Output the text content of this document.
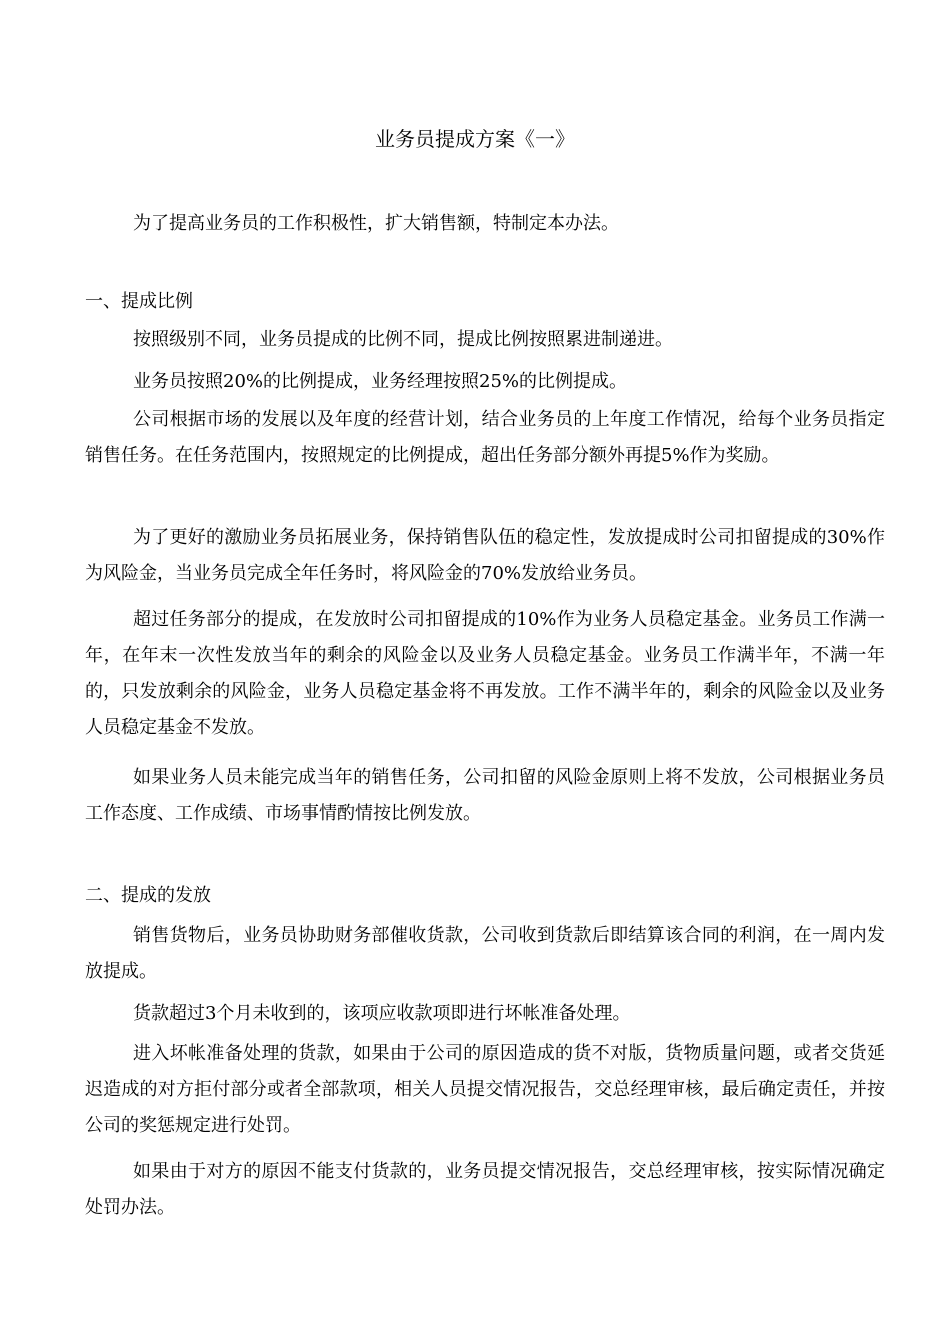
业务员提成方案《一》

为了提高业务员的工作积极性，扩大销售额，特制定本办法。

一、提成比例

按照级别不同，业务员提成的比例不同，提成比例按照累进制递进。

业务员按照20%的比例提成，业务经理按照25%的比例提成。

公司根据市场的发展以及年度的经营计划，结合业务员的上年度工作情况，给每个业务员指定销售任务。在任务范围内，按照规定的比例提成，超出任务部分额外再提5%作为奖励。

为了更好的激励业务员拓展业务，保持销售队伍的稳定性，发放提成时公司扣留提成的30%作为风险金，当业务员完成全年任务时，将风险金的70%发放给业务员。

超过任务部分的提成，在发放时公司扣留提成的10%作为业务人员稳定基金。业务员工作满一年，在年末一次性发放当年的剩余的风险金以及业务人员稳定基金。业务员工作满半年，不满一年的，只发放剩余的风险金，业务人员稳定基金将不再发放。工作不满半年的，剩余的风险金以及业务人员稳定基金不发放。

如果业务人员未能完成当年的销售任务，公司扣留的风险金原则上将不发放，公司根据业务员工作态度、工作成绩、市场事情酌情按比例发放。

二、提成的发放

销售货物后，业务员协助财务部催收货款，公司收到货款后即结算该合同的利润，在一周内发放提成。

货款超过3个月未收到的，该项应收款项即进行坏帐准备处理。

进入坏帐准备处理的货款，如果由于公司的原因造成的货不对版，货物质量问题，或者交货延迟造成的对方拒付部分或者全部款项，相关人员提交情况报告，交总经理审核，最后确定责任，并按公司的奖惩规定进行处罚。

如果由于对方的原因不能支付货款的，业务员提交情况报告，交总经理审核，按实际情况确定处罚办法。
